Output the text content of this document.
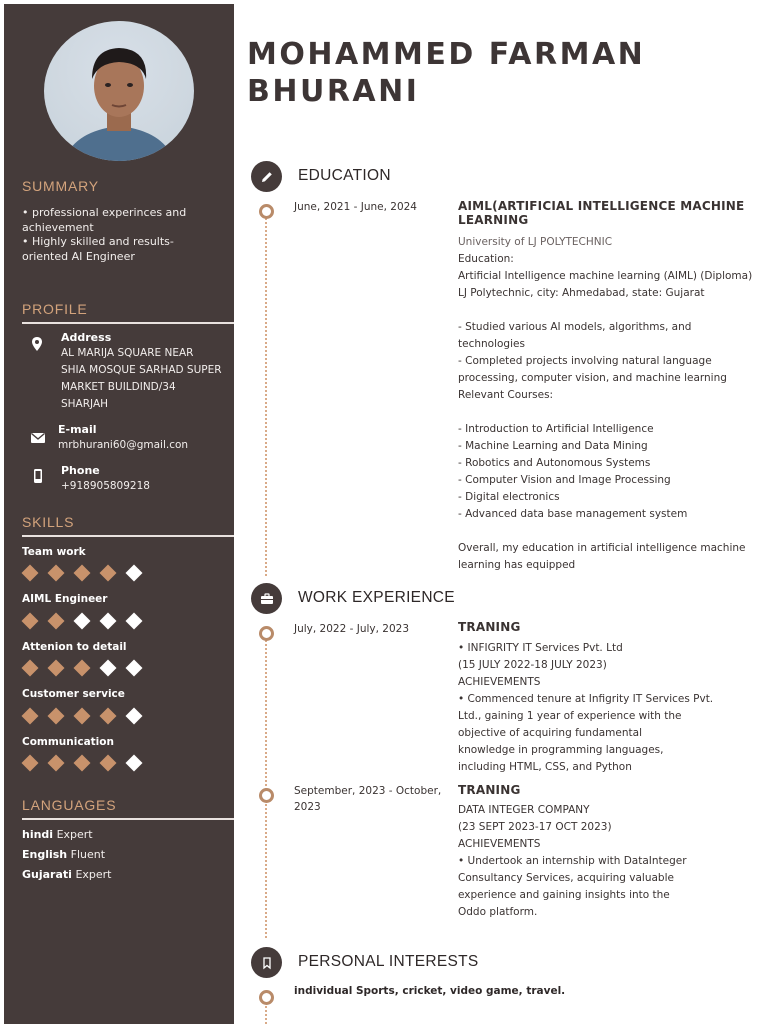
SUMMARY
• professional experinces and
achievement
• Highly skilled and results-
oriented AI Engineer
PROFILE
Address
AL MARIJA SQUARE NEAR
SHIA MOSQUE SARHAD SUPER
MARKET BUILDIND/34
SHARJAH
E-mail
mrbhurani60@gmail.con
Phone
+918905809218
SKILLS
Team work
AIML Engineer
Attenion to detail
Customer service
Communication
LANGUAGES
hindi Expert
English Fluent
Gujarati Expert
MOHAMMED FARMAN
BHURANI
EDUCATION
June, 2021 - June, 2024	AIML(ARTIFICIAL INTELLIGENCE MACHINE
LEARNING
University of LJ POLYTECHNIC
Education:
Artificial Intelligence machine learning (AIML) (Diploma)
LJ Polytechnic, city: Ahmedabad, state: Gujarat
- Studied various AI models, algorithms, and technologies
- Completed projects involving natural language
processing, computer vision, and machine learning
Relevant Courses:
- Introduction to Artificial Intelligence
- Machine Learning and Data Mining
- Robotics and Autonomous Systems
- Computer Vision and Image Processing
- Digital electronics
- Advanced data base management system
Overall, my education in artificial intelligence machine
learning has equipped
WORK EXPERIENCE
July, 2022 - July, 2023	TRANING
• INFIGRITY IT Services Pvt. Ltd
(15 JULY 2022-18 JULY 2023)
ACHIEVEMENTS
• Commenced tenure at Infigrity IT Services Pvt.
Ltd., gaining 1 year of experience with the
objective of acquiring fundamental
knowledge in programming languages,
including HTML, CSS, and Python
September, 2023 - October,
2023
TRANING
DATA INTEGER COMPANY
(23 SEPT 2023-17 OCT 2023)
ACHIEVEMENTS
• Undertook an internship with DataInteger
Consultancy Services, acquiring valuable
experience and gaining insights into the
Oddo platform.
PERSONAL INTERESTS
individual Sports, cricket, video game, travel.
